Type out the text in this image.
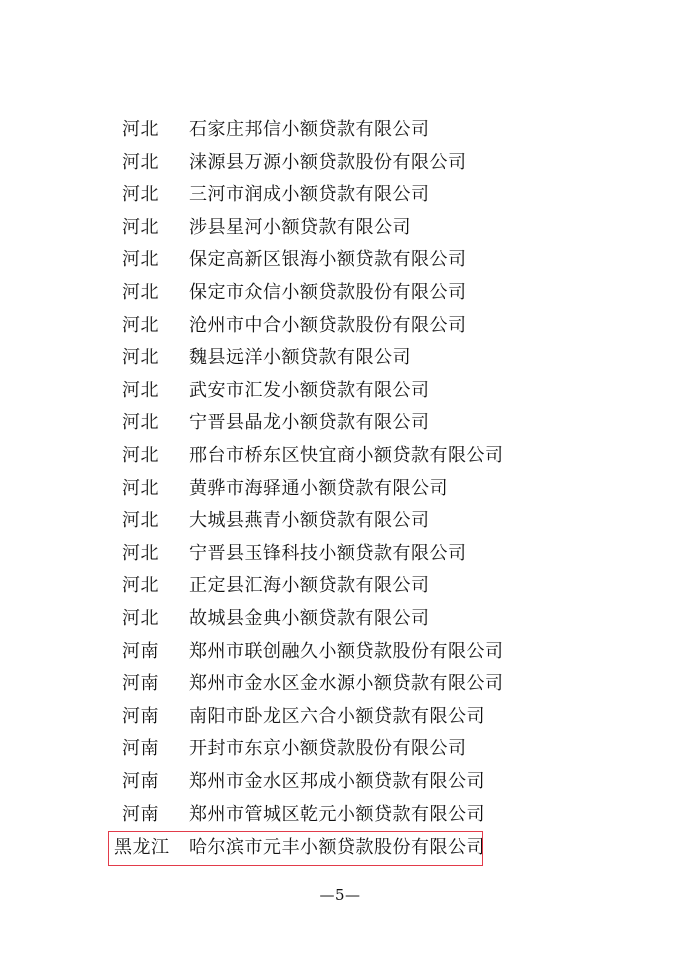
河北 石家庄邦信小额贷款有限公司
河北 涞源县万源小额贷款股份有限公司
河北 三河市润成小额贷款有限公司
河北 涉县星河小额贷款有限公司
河北 保定高新区银海小额贷款有限公司
河北 保定市众信小额贷款股份有限公司
河北 沧州市中合小额贷款股份有限公司
河北 魏县远洋小额贷款有限公司
河北 武安市汇发小额贷款有限公司
河北 宁晋县晶龙小额贷款有限公司
河北 邢台市桥东区快宜商小额贷款有限公司
河北 黄骅市海驿通小额贷款有限公司
河北 大城县燕青小额贷款有限公司
河北 宁晋县玉锋科技小额贷款有限公司
河北 正定县汇海小额贷款有限公司
河北 故城县金典小额贷款有限公司
河南 郑州市联创融久小额贷款股份有限公司
河南 郑州市金水区金水源小额贷款有限公司
河南 南阳市卧龙区六合小额贷款有限公司
河南 开封市东京小额贷款股份有限公司
河南 郑州市金水区邦成小额贷款有限公司
河南 郑州市管城区乾元小额贷款有限公司
黑龙江 哈尔滨市元丰小额贷款股份有限公司
—5—
